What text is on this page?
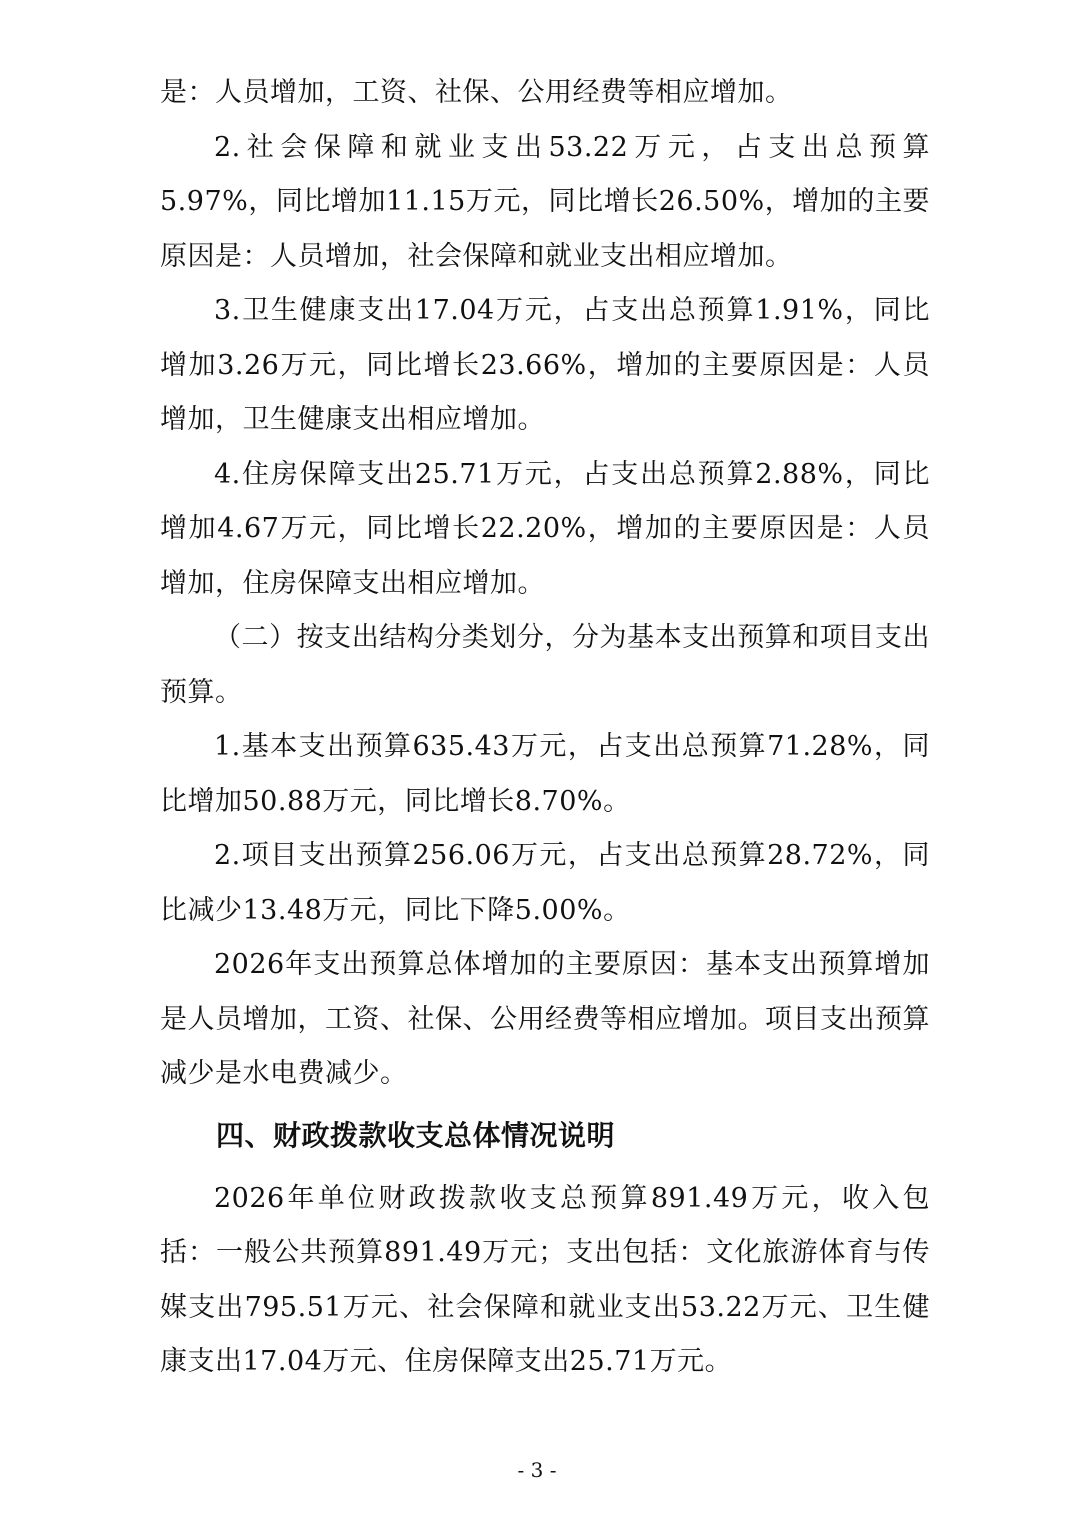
是：人员增加，工资、社保、公用经费等相应增加。

2.社会保障和就业支出53.22万元，占支出总预算5.97%，同比增加11.15万元，同比增长26.50%，增加的主要原因是：人员增加，社会保障和就业支出相应增加。

3.卫生健康支出17.04万元，占支出总预算1.91%，同比增加3.26万元，同比增长23.66%，增加的主要原因是：人员增加，卫生健康支出相应增加。

4.住房保障支出25.71万元，占支出总预算2.88%，同比增加4.67万元，同比增长22.20%，增加的主要原因是：人员增加，住房保障支出相应增加。

（二）按支出结构分类划分，分为基本支出预算和项目支出预算。

1.基本支出预算635.43万元，占支出总预算71.28%，同比增加50.88万元，同比增长8.70%。

2.项目支出预算256.06万元，占支出总预算28.72%，同比减少13.48万元，同比下降5.00%。

2026年支出预算总体增加的主要原因：基本支出预算增加是人员增加，工资、社保、公用经费等相应增加。项目支出预算减少是水电费减少。

四、财政拨款收支总体情况说明

2026年单位财政拨款收支总预算891.49万元，收入包括：一般公共预算891.49万元；支出包括：文化旅游体育与传媒支出795.51万元、社会保障和就业支出53.22万元、卫生健康支出17.04万元、住房保障支出25.71万元。

- 3 -
